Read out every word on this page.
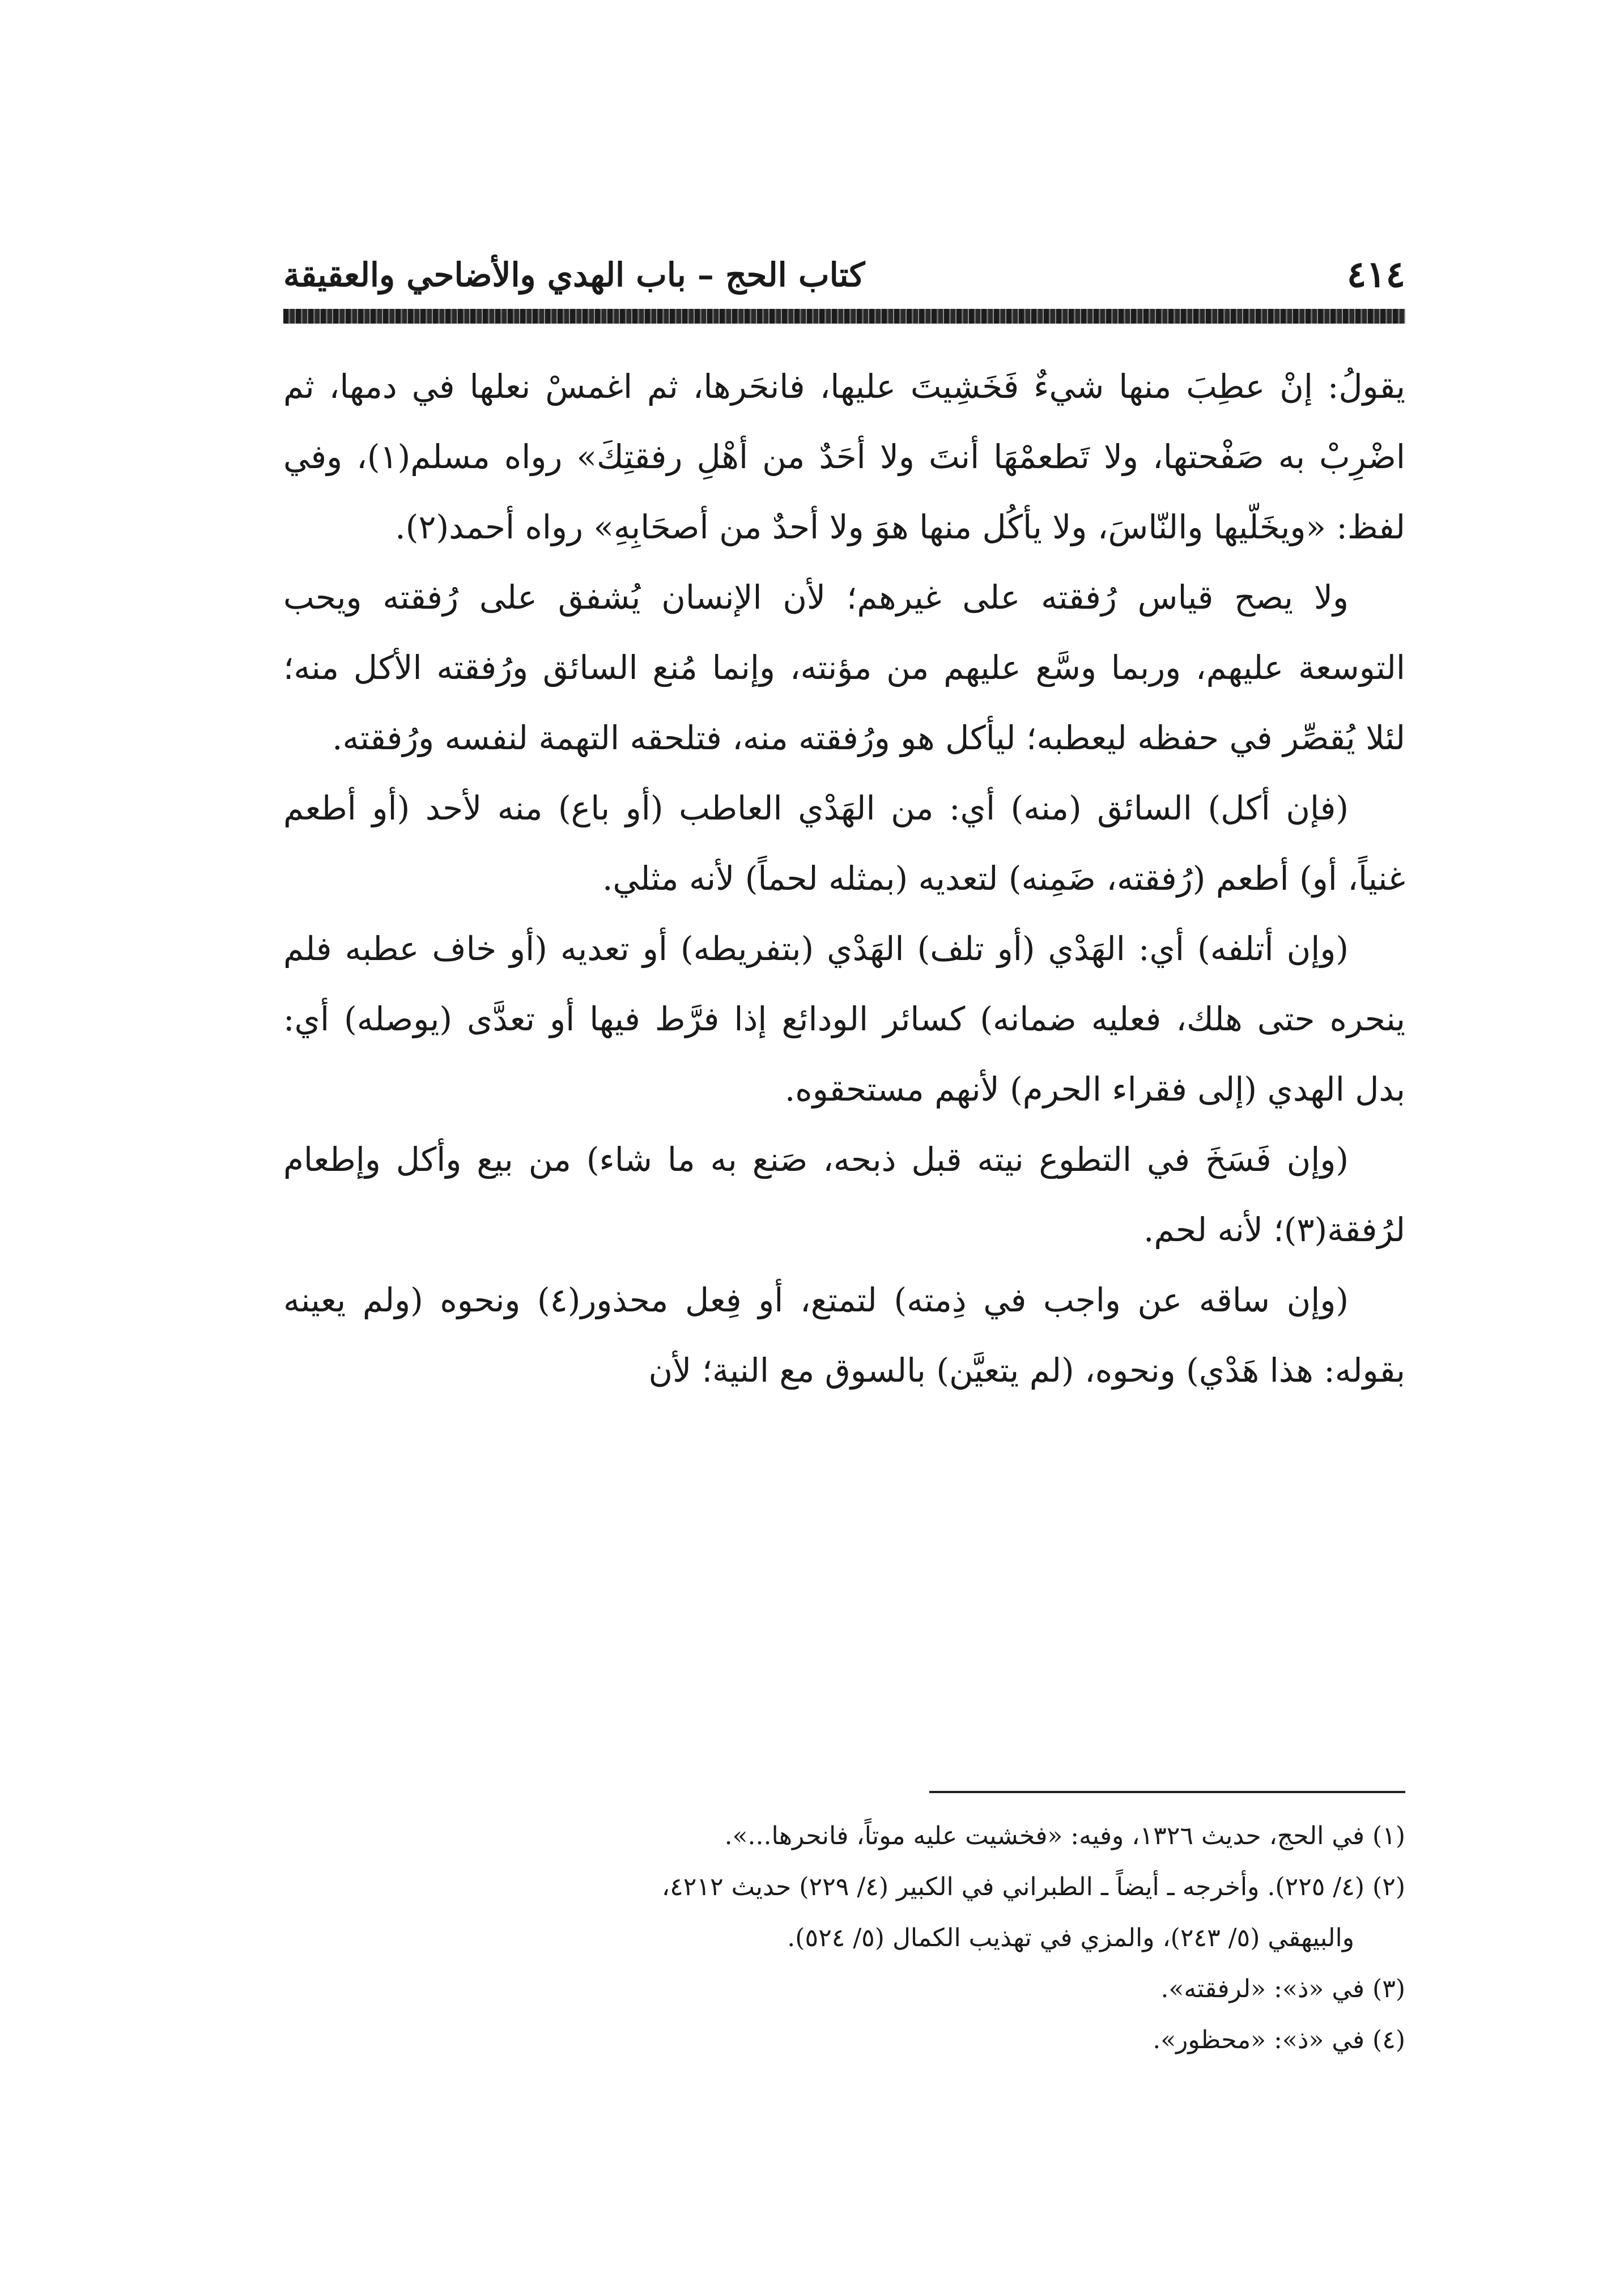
٤١٤
كتاب الحج – باب الهدي والأضاحي والعقيقة

يقولُ: إنْ عطِبَ منها شيءٌ فَخَشِيتَ عليها، فانحَرها، ثم اغمسْ نعلها في دمها، ثم اضْرِبْ به صَفْحتها، ولا تَطعمْهَا أنتَ ولا أحَدٌ من أهْلِ رفقتِكَ» رواه مسلم(١)، وفي لفظ: «ويخَلّيها والنّاسَ، ولا يأكُل منها هوَ ولا أحدٌ من أصحَابِهِ» رواه أحمد(٢).

ولا يصح قياس رُفقته على غيرهم؛ لأن الإنسان يُشفق على رُفقته ويحب التوسعة عليهم، وربما وسَّع عليهم من مؤنته، وإنما مُنع السائق ورُفقته الأكل منه؛ لئلا يُقصِّر في حفظه ليعطبه؛ ليأكل هو ورُفقته منه، فتلحقه التهمة لنفسه ورُفقته.

(فإن أكل) السائق (منه) أي: من الهَدْي العاطب (أو باع) منه لأحد (أو أطعم غنياً، أو) أطعم (رُفقته، ضَمِنه) لتعديه (بمثله لحماً) لأنه مثلي.

(وإن أتلفه) أي: الهَدْي (أو تلف) الهَدْي (بتفريطه) أو تعديه (أو خاف عطبه فلم ينحره حتى هلك، فعليه ضمانه) كسائر الودائع إذا فرَّط فيها أو تعدَّى (يوصله) أي: بدل الهدي (إلى فقراء الحرم) لأنهم مستحقوه.

(وإن فَسَخَ في التطوع نيته قبل ذبحه، صَنع به ما شاء) من بيع وأكل وإطعام لرُفقة(٣)؛ لأنه لحم.

(وإن ساقه عن واجب في ذِمته) لتمتع، أو فِعل محذور(٤) ونحوه (ولم يعينه بقوله: هذا هَدْي) ونحوه، (لم يتعيَّن) بالسوق مع النية؛ لأن

(١) في الحج، حديث ١٣٢٦، وفيه: «فخشيت عليه موتاً، فانحرها...».

(٢) (٤/ ٢٢٥). وأخرجه ـ أيضاً ـ الطبراني في الكبير (٤/ ٢٢٩) حديث ٤٢١٢،

والبيهقي (٥/ ٢٤٣)، والمزي في تهذيب الكمال (٥/ ٥٢٤).

(٣) في «ذ»: «لرفقته».

(٤) في «ذ»: «محظور».
